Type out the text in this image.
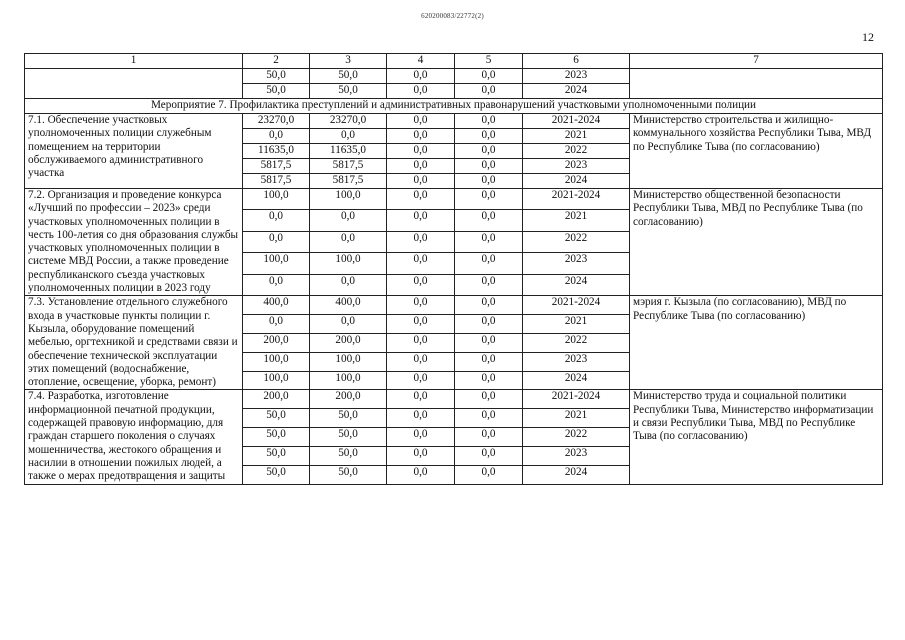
620200083/22772(2)
12
1	2	3	4	5	6	7
	50,0	50,0	0,0	0,0	2023	
	50,0	50,0	0,0	0,0	2024	
Мероприятие 7. Профилактика преступлений и административных правонарушений участковыми уполномоченными полиции						
7.1. Обеспечение участковых уполномоченных полиции служебным помещением на территории обслуживаемого административного участка	23270,0	23270,0	0,0	0,0	2021-2024	Министерство строительства и жилищно-коммунального хозяйства Республики Тыва, МВД по Республике Тыва (по согласованию)
	0,0	0,0	0,0	0,0	2021	
	11635,0	11635,0	0,0	0,0	2022	
	5817,5	5817,5	0,0	0,0	2023	
	5817,5	5817,5	0,0	0,0	2024	
7.2. Организация и проведение конкурса «Лучший по профессии – 2023» среди участковых уполномоченных полиции в честь 100-летия со дня образования службы участковых уполномоченных полиции в системе МВД России, а также проведение республиканского съезда участковых уполномоченных полиции в 2023 году	100,0	100,0	0,0	0,0	2021-2024	Министерство общественной безопасности Республики Тыва, МВД по Республике Тыва (по согласованию)
	0,0	0,0	0,0	0,0	2021	
	0,0	0,0	0,0	0,0	2022	
	100,0	100,0	0,0	0,0	2023	
	0,0	0,0	0,0	0,0	2024	
7.3. Установление отдельного служебного входа в участковые пункты полиции г. Кызыла, оборудование помещений мебелью, оргтехникой и средствами связи и обеспечение технической эксплуатации этих помещений (водоснабжение, отопление, освещение, уборка, ремонт)	400,0	400,0	0,0	0,0	2021-2024	мэрия г. Кызыла (по согласованию), МВД по Республике Тыва (по согласованию)
	0,0	0,0	0,0	0,0	2021	
	200,0	200,0	0,0	0,0	2022	
	100,0	100,0	0,0	0,0	2023	
	100,0	100,0	0,0	0,0	2024	
7.4. Разработка, изготовление информационной печатной продукции, содержащей правовую информацию, для граждан старшего поколения о случаях мошенничества, жестокого обращения и насилии в отношении пожилых людей, а также о мерах предотвращения и защиты	200,0	200,0	0,0	0,0	2021-2024	Министерство труда и социальной политики Республики Тыва, Министерство информатизации и связи Республики Тыва, МВД по Республике Тыва (по согласованию)
	50,0	50,0	0,0	0,0	2021	
	50,0	50,0	0,0	0,0	2022	
	50,0	50,0	0,0	0,0	2023	
	50,0	50,0	0,0	0,0	2024	
